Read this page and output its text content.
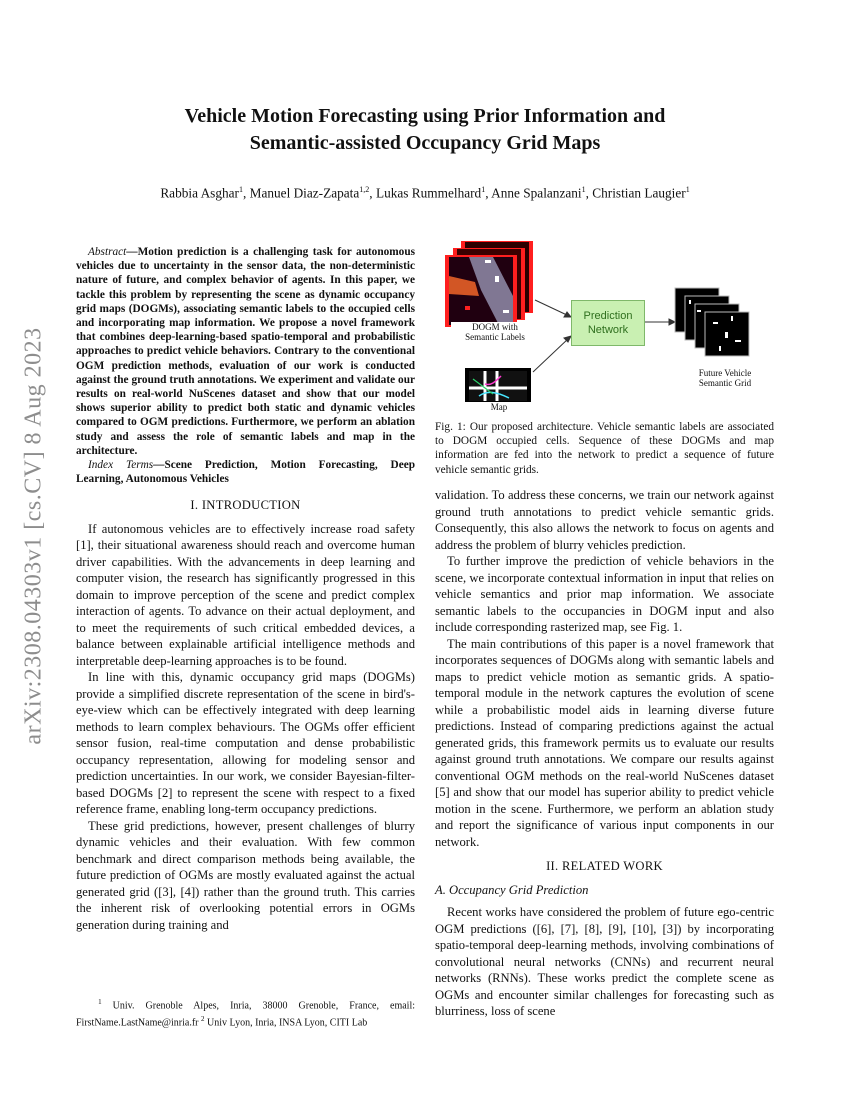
arXiv:2308.04303v1 [cs.CV] 8 Aug 2023
Vehicle Motion Forecasting using Prior Information and
Semantic-assisted Occupancy Grid Maps
Rabbia Asghar$^1$, Manuel Diaz-Zapata$^{1,2}$, Lukas Rummelhard$^1$, Anne Spalanzani$^1$, Christian Laugier$^1$

Abstract—Motion prediction is a challenging task for autonomous vehicles due to uncertainty in the sensor data, the non-deterministic nature of future, and complex behavior of agents. In this paper, we tackle this problem by representing the scene as dynamic occupancy grid maps (DOGMs), associating semantic labels to the occupied cells and incorporating map information. We propose a novel framework that combines deep-learning-based spatio-temporal and probabilistic approaches to predict vehicle behaviors. Contrary to the conventional OGM prediction methods, evaluation of our work is conducted against the ground truth annotations. We experiment and validate our results on real-world NuScenes dataset and show that our model shows superior ability to predict both static and dynamic vehicles compared to OGM predictions. Furthermore, we perform an ablation study and assess the role of semantic labels and map in the architecture.

Index Terms—Scene Prediction, Motion Forecasting, Deep Learning, Autonomous Vehicles

I. INTRODUCTION

If autonomous vehicles are to effectively increase road safety [1], their situational awareness should reach and overcome human driver capabilities. With the advancements in deep learning and computer vision, the research has significantly progressed in this domain to improve perception of the scene and predict complex interaction of agents. To advance on their actual deployment, and to meet the requirements of such critical embedded devices, a balance between explainable artificial intelligence methods and interpretable deep-learning approaches is to be found.

In line with this, dynamic occupancy grid maps (DOGMs) provide a simplified discrete representation of the scene in bird's-eye-view which can be effectively integrated with deep learning methods to learn complex behaviours. The OGMs offer efficient sensor fusion, real-time computation and dense probabilistic occupancy representation, allowing for modeling sensor and prediction uncertainties. In our work, we consider Bayesian-filter-based DOGMs [2] to represent the scene with respect to a fixed reference frame, enabling long-term occupancy predictions.

These grid predictions, however, present challenges of blurry dynamic vehicles and their evaluation. With few common benchmark and direct comparison methods being available, the future prediction of OGMs are mostly evaluated against the actual generated grid ([3], [4]) rather than the ground truth. This carries the inherent risk of overlooking potential errors in OGMs generation during training and

$^1$ Univ. Grenoble Alpes, Inria, 38000 Grenoble, France, email: FirstName.LastName@inria.fr $^2$ Univ Lyon, Inria, INSA Lyon, CITI Lab
DOGM with
Semantic Labels
Map
Prediction
Network
Future Vehicle
Semantic Grid
Fig. 1: Our proposed architecture. Vehicle semantic labels are associated to DOGM occupied cells. Sequence of these DOGMs and map information are fed into the network to predict a sequence of future vehicle semantic grids.

validation. To address these concerns, we train our network against ground truth annotations to predict vehicle semantic grids. Consequently, this also allows the network to focus on agents and address the problem of blurry vehicles prediction.

To further improve the prediction of vehicle behaviors in the scene, we incorporate contextual information in input that relies on vehicle semantics and prior map information. We associate semantic labels to the occupancies in DOGM input and also include corresponding rasterized map, see Fig. 1.

The main contributions of this paper is a novel framework that incorporates sequences of DOGMs along with semantic labels and maps to predict vehicle motion as semantic grids. A spatio-temporal module in the network captures the evolution of scene while a probabilistic model aids in learning diverse future predictions. Instead of comparing predictions against the actual generated grids, this framework permits us to evaluate our results against ground truth annotations. We compare our results against conventional OGM methods on the real-world NuScenes dataset [5] and show that our model has superior ability to predict vehicle motion in the scene. Furthermore, we perform an ablation study and report the significance of various input components in our network.

II. RELATED WORK
A. Occupancy Grid Prediction

Recent works have considered the problem of future ego-centric OGM predictions ([6], [7], [8], [9], [10], [3]) by incorporating spatio-temporal deep-learning methods, involving combinations of convolutional neural networks (CNNs) and recurrent neural networks (RNNs). These works predict the complete scene as OGMs and encounter similar challenges for forecasting such as blurriness, loss of scene
